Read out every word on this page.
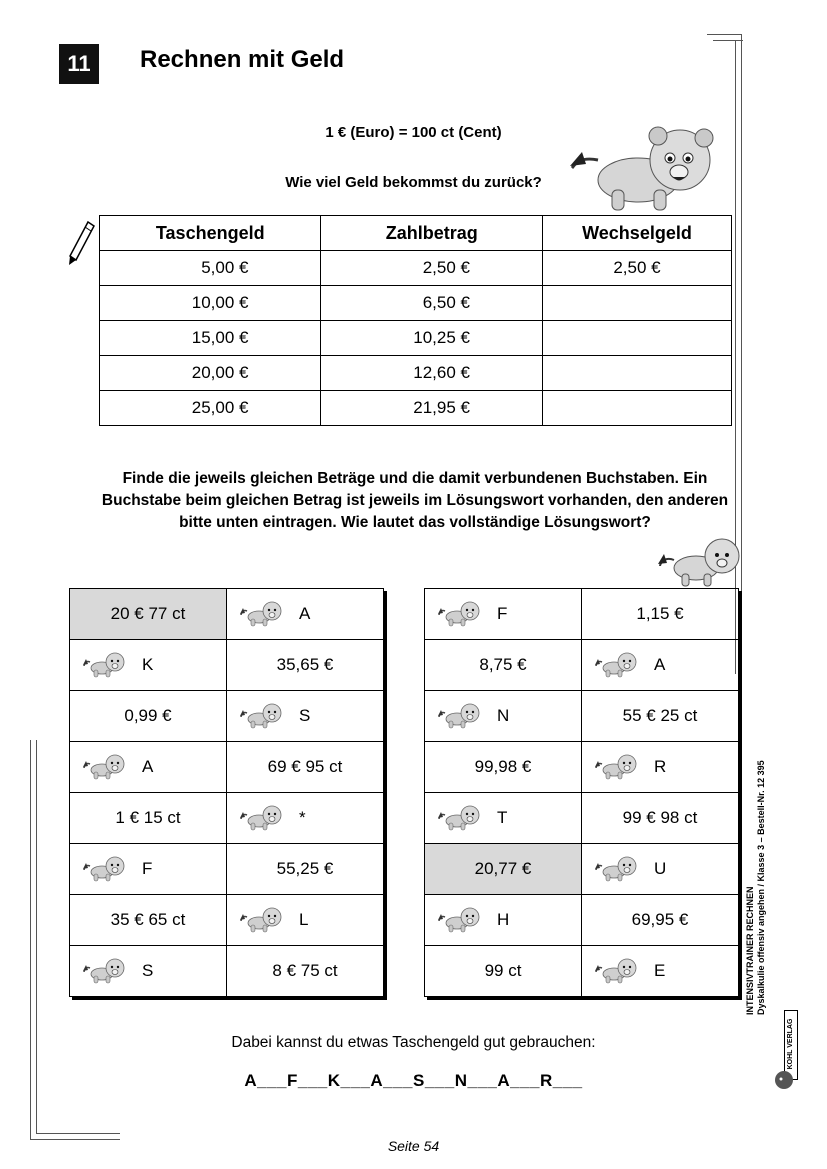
11	Rechnen mit Geld
1 € (Euro) = 100 ct (Cent)
Wie viel Geld bekommst du zurück?
Taschengeld	Zahlbetrag	Wechselgeld
5,00 €	2,50 €	2,50 €
10,00 €	6,50 €	
15,00 €	10,25 €	
20,00 €	12,60 €	
25,00 €	21,95 €	
Finde die jeweils gleichen Beträge und die damit verbundenen Buchstaben. Ein Buchstabe beim gleichen Betrag ist jeweils im Lösungswort vorhanden, den anderen bitte unten eintragen. Wie lautet das vollständige Lösungswort?
20 € 77 ct	A

K	35,65 €
0,99 €	S

A	69 € 95 ct
1 € 15 ct	*

F	55,25 €
35 € 65 ct	L

S	8 € 75 ct
F	1,15 €
8,75 €	A

N	55 € 25 ct
99,98 €	R

T	99 € 98 ct
20,77 €	U

H	69,95 €
99 ct	E
Dabei kannst du etwas Taschengeld gut gebrauchen:
A___F___K___A___S___N___A___R___
Seite 54
INTENSIVTRAINER RECHNEN Dyskalkulie offensiv angehen / Klasse 3 – Bestell-Nr. 12 395
KOHL VERLAG
